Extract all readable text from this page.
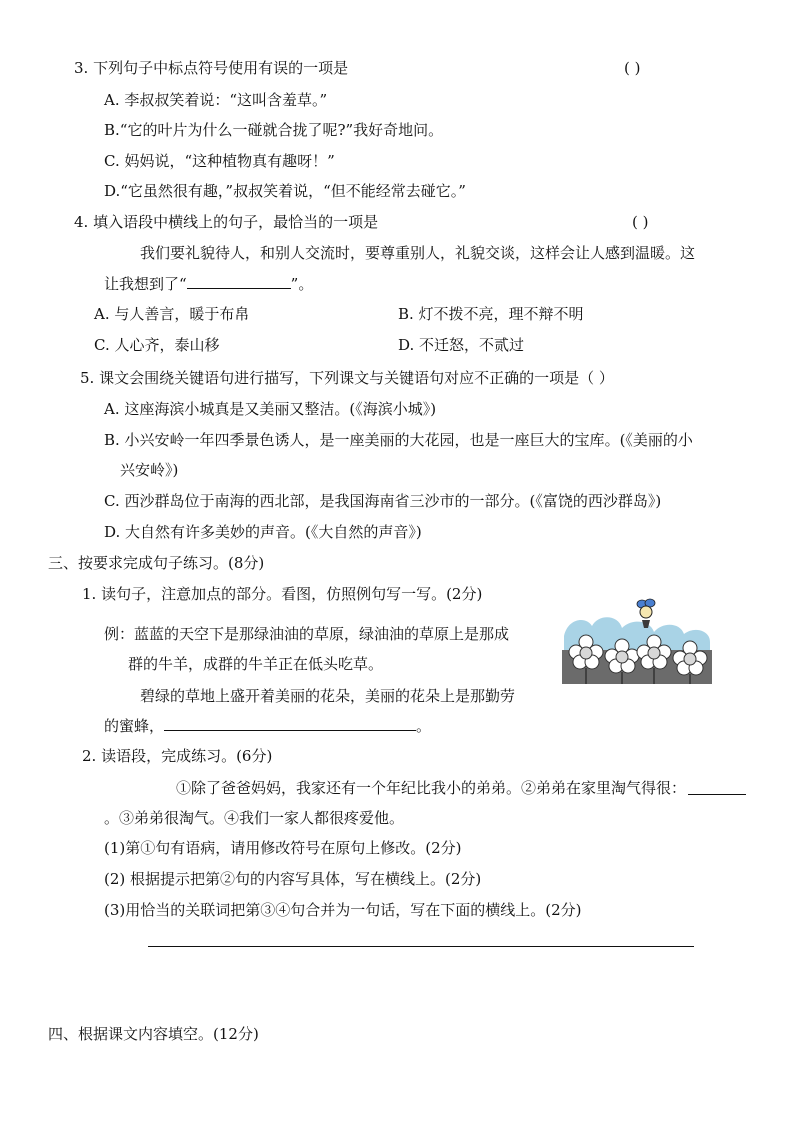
3. 下列句子中标点符号使用有误的一项是	( )
A. 李叔叔笑着说：“这叫含羞草。”
B.“它的叶片为什么一碰就合拢了呢?”我好奇地问。
C. 妈妈说，“这种植物真有趣呀！”
D.“它虽然很有趣，”叔叔笑着说，“但不能经常去碰它。”
4. 填入语段中横线上的句子，最恰当的一项是	( )
我们要礼貌待人，和别人交流时，要尊重别人，礼貌交谈，这样会让人感到温暖。这
让我想到了“	”。
A. 与人善言，暖于布帛	B. 灯不拨不亮，理不辩不明
C. 人心齐，泰山移	D. 不迁怒，不贰过
5. 课文会围绕关键语句进行描写，下列课文与关键语句对应不正确的一项是（ ）
A. 这座海滨小城真是又美丽又整洁。(《海滨小城》)
B. 小兴安岭一年四季景色诱人，是一座美丽的大花园，也是一座巨大的宝库。(《美丽的小
兴安岭》)
C. 西沙群岛位于南海的西北部，是我国海南省三沙市的一部分。(《富饶的西沙群岛》)
D. 大自然有许多美妙的声音。(《大自然的声音》)
三、按要求完成句子练习。(8分)
1. 读句子，注意加点的部分。看图，仿照例句写一写。(2分)
例：蓝蓝的天空下是那绿油油的草原，绿油油的草原上是那成
群的牛羊，成群的牛羊正在低头吃草。
碧绿的草地上盛开着美丽的花朵，美丽的花朵上是那勤劳
的蜜蜂，	。
2. 读语段，完成练习。(6分)
①除了爸爸妈妈，我家还有一个年纪比我小的弟弟。②弟弟在家里淘气得很：
。③弟弟很淘气。④我们一家人都很疼爱他。
(1)第①句有语病，请用修改符号在原句上修改。(2分)
(2) 根据提示把第②句的内容写具体，写在横线上。(2分)
(3)用恰当的关联词把第③④句合并为一句话，写在下面的横线上。(2分)
四、根据课文内容填空。(12分)
